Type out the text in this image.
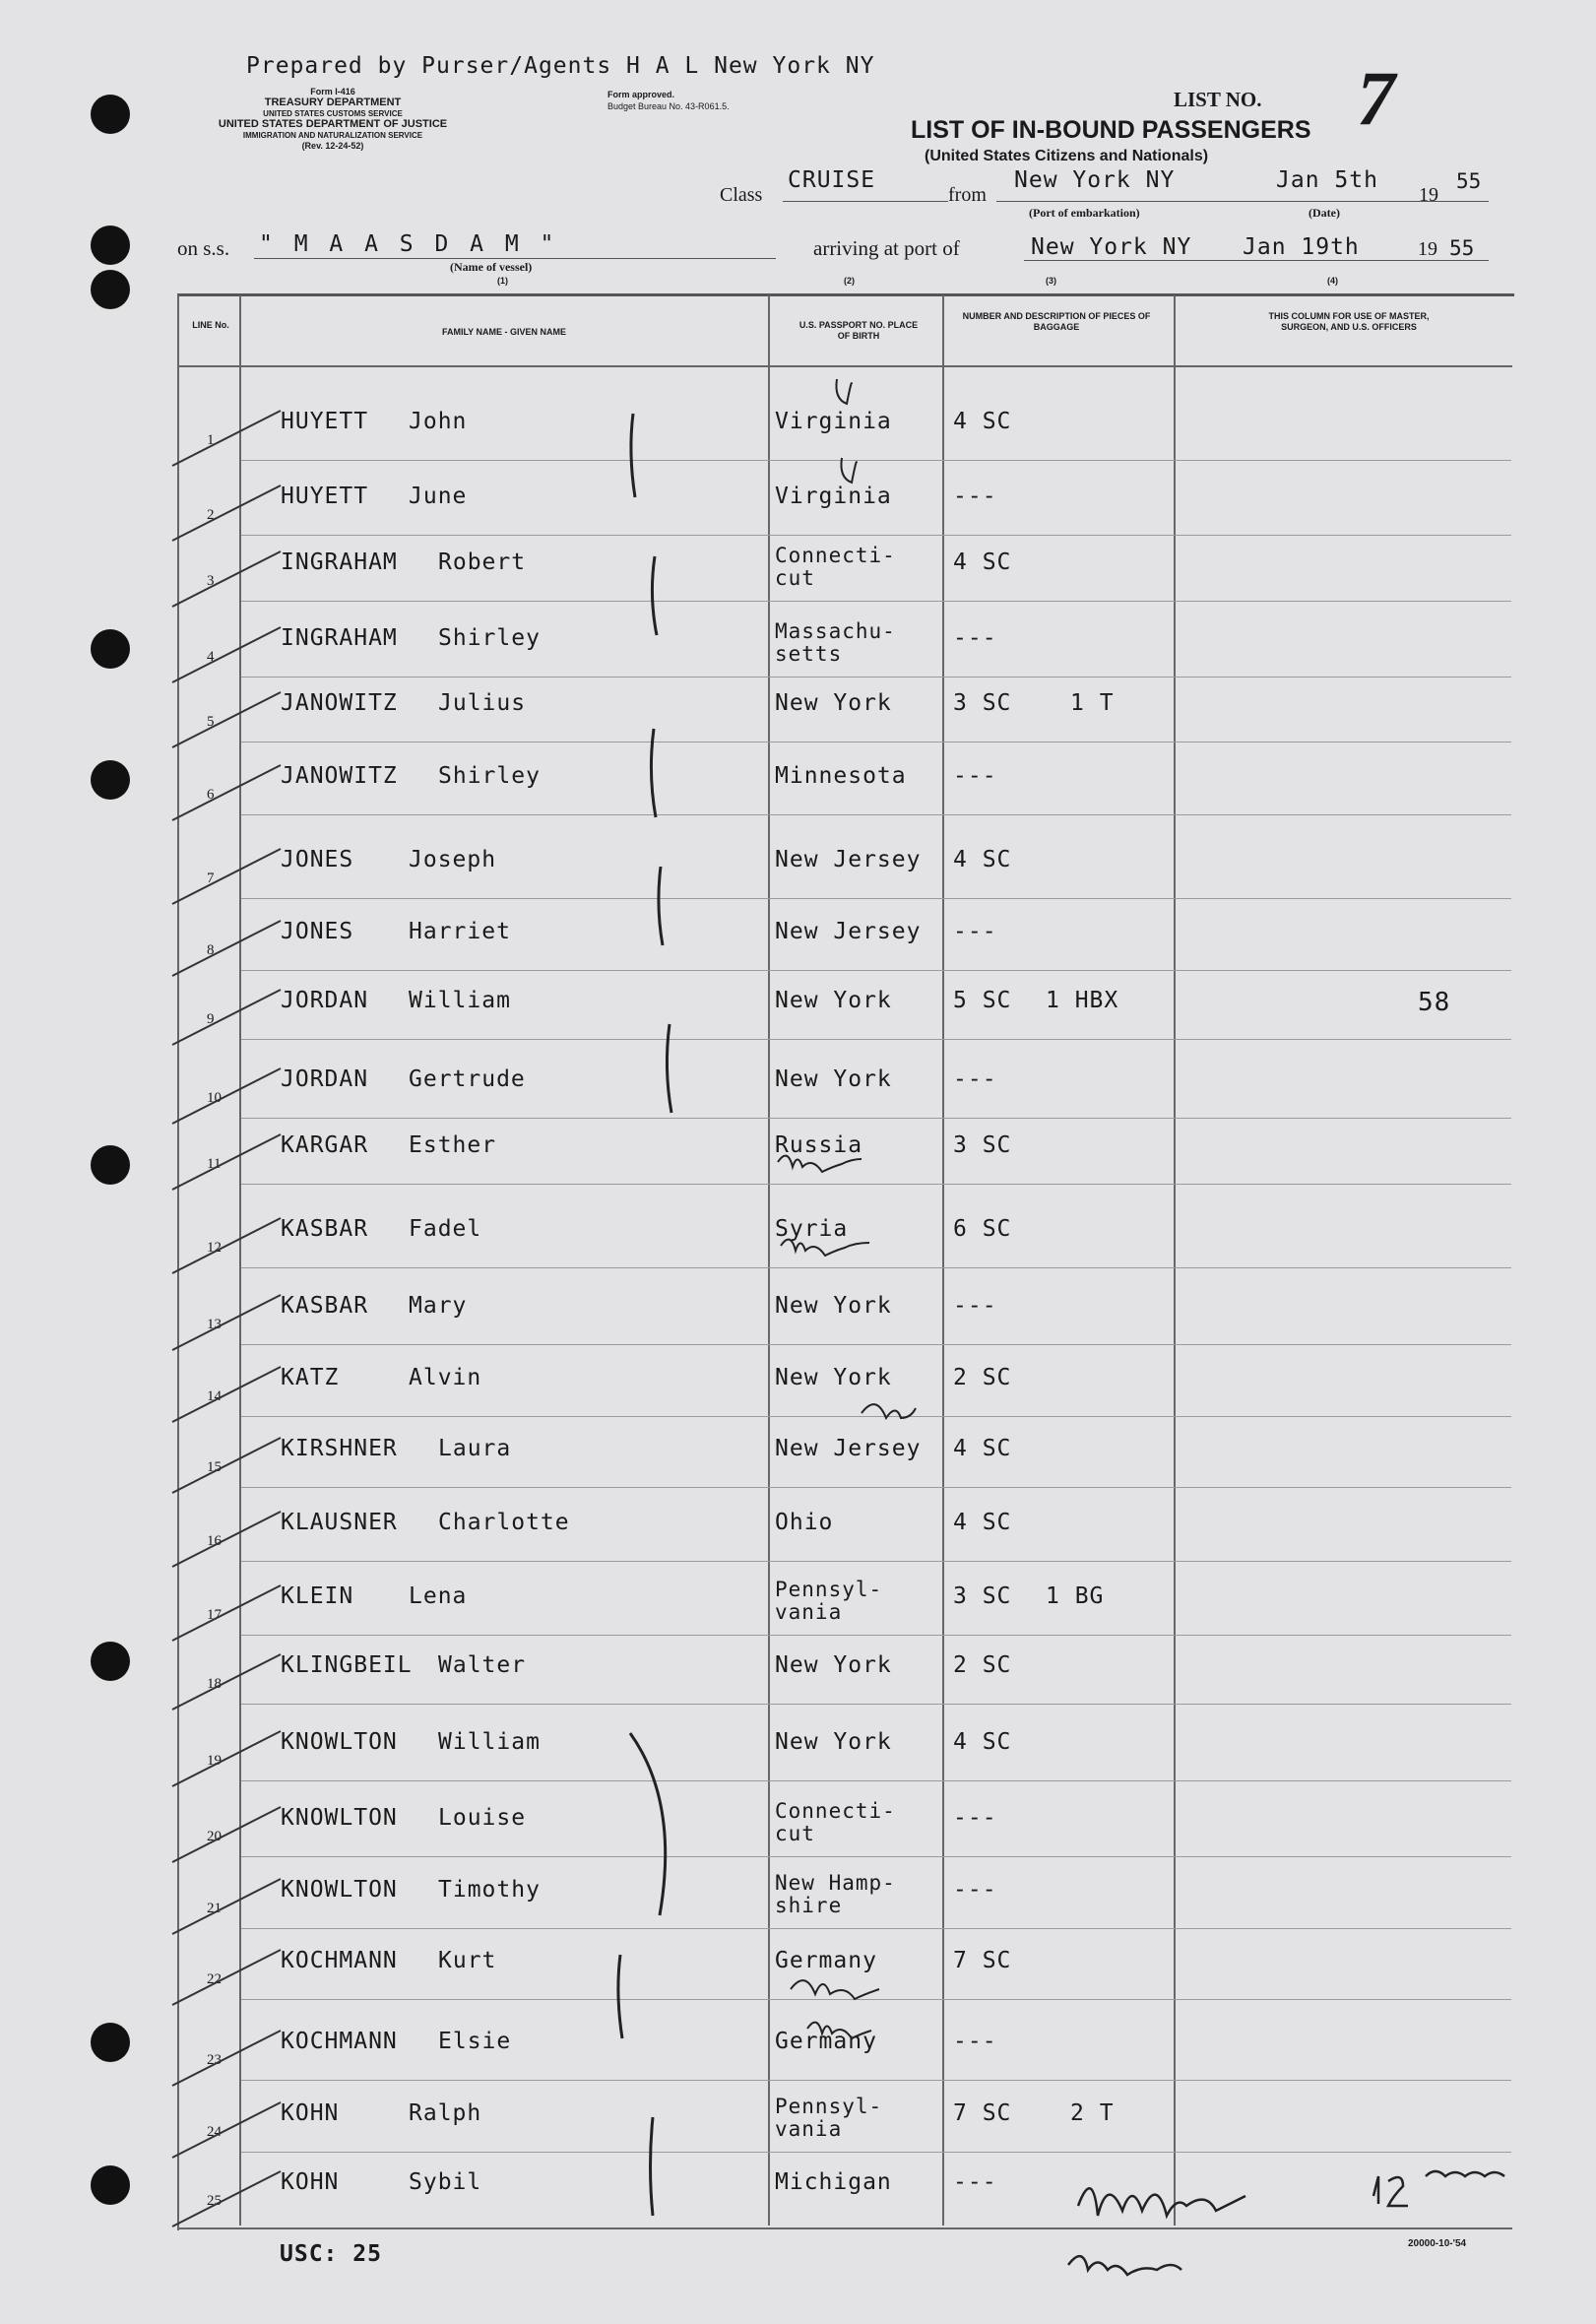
Prepared by Purser/Agents H A L New York NY
Form I-416
TREASURY DEPARTMENT
UNITED STATES CUSTOMS SERVICE
UNITED STATES DEPARTMENT OF JUSTICE
IMMIGRATION AND NATURALIZATION SERVICE
(Rev. 12-24-52)
Form approved.
Budget Bureau No. 43-R061.5.	LIST NO. 7
LIST OF IN-BOUND PASSENGERS
(United States Citizens and Nationals)
Class
CRUISE
from
New York NY
(Port of embarkation)
Jan 5th
(Date)
19
55
on s.s. " M A A S D A M "
(Name of vessel)
arriving at port of	New York NY Jan 19th	19 55
(1)	(2)	(3)	(4)
LINE No.
FAMILY NAME - GIVEN NAME
U.S. PASSPORT NO. PLACE OF BIRTH
NUMBER AND DESCRIPTION OF PIECES OF BAGGAGE
THIS COLUMN FOR USE OF MASTER, SURGEON, AND U.S. OFFICERS
1
HUYETT John	Virginia	4 SC
2
HUYETT June	Virginia	---
3
INGRAHAM Robert	Connecti-
cut
4 SC
4
INGRAHAM Shirley	Massachu-
setts
---
5
JANOWITZ Julius	New York	3 SC	1 T
6
JANOWITZ Shirley	Minnesota ---
7
JONES Joseph	New Jersey 4 SC
8
JONES Harriet	New Jersey ---
9
JORDAN William	New York	5 SC 1 HBX	58
10
JORDAN Gertrude	New York	---
11
KARGAR Esther	Russia	3 SC
12
KASBAR Fadel	Syria	6 SC
13
KASBAR Mary	New York	---
14
KATZ	Alvin	New York	2 SC
15
KIRSHNER Laura	New Jersey 4 SC
16
KLAUSNER Charlotte	Ohio	4 SC
17
KLEIN Lena	Pennsyl-
vania
3 SC 1 BG
18
KLINGBEIL Walter	New York	2 SC
19
KNOWLTON William	New York	4 SC
20
KNOWLTON Louise	Connecti-
cut
---
21
KNOWLTON Timothy	New Hamp-
shire
---
22
KOCHMANN Kurt	Germany	7 SC
23
KOCHMANN Elsie	Germany	---
24
KOHN	Ralph	Pennsyl-
vania
7 SC	2 T
25
KOHN	Sybil	Michigan	---
USC: 25	20000-10-'54
